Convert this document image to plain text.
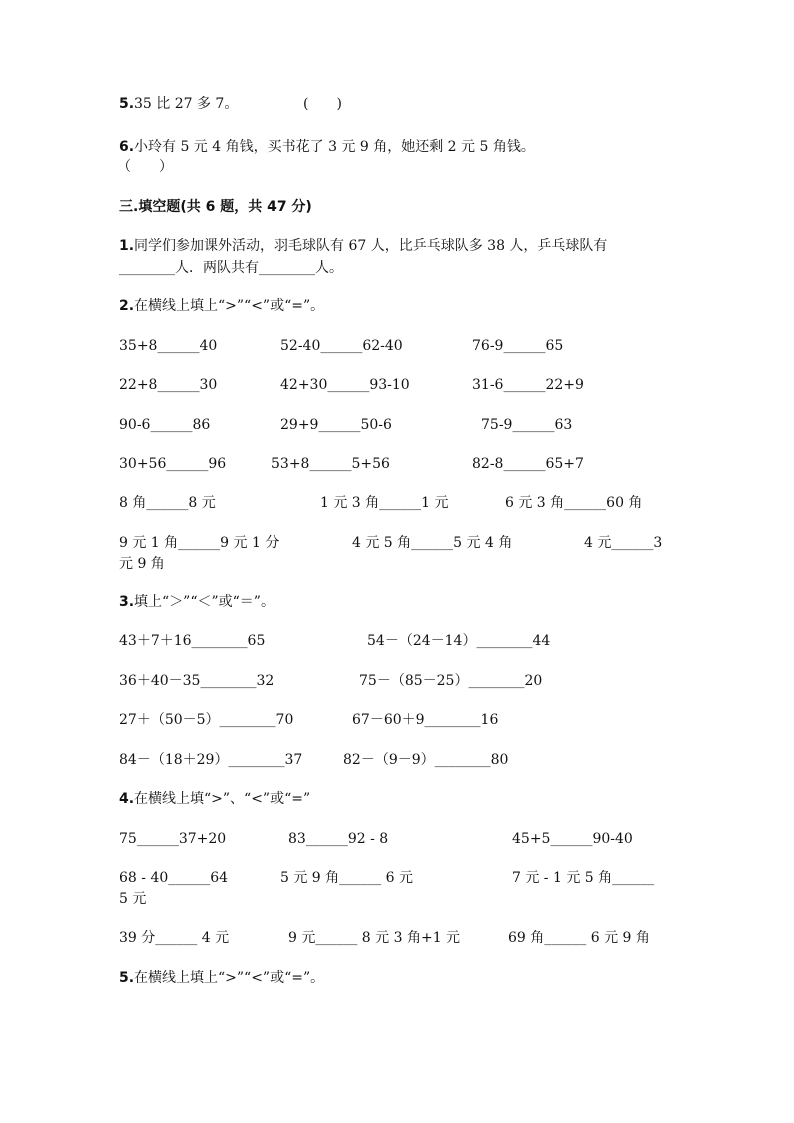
5. 35 比 27 多 7。	(　　)
6. 小玲有 5 元 4 角钱，买书花了 3 元 9 角，她还剩 2 元 5 角钱。
（　　）
三.填空题(共 6 题，共 47 分)
1. 同学们参加课外活动，羽毛球队有 67 人，比乒乓球队多 38 人，乒乓球队有
________人．两队共有________人。
2. 在横线上填上“>”“<”或“=”。
35+8______40	52-40______62-40	76-9______65
22+8______30	42+30______93-10	31-6______22+9
90-6______86	29+9______50-6	75-9______63
30+56______96	53+8______5+56	82-8______65+7
8 角______8 元	1 元 3 角______1 元	6 元 3 角______60 角
9 元 1 角______9 元 1 分	4 元 5 角______5 元 4 角	4 元______3
元 9 角
3. 填上“＞”“＜”或“＝”。
43＋7＋16________65	54－（24－14）________44
36＋40－35________32	75－（85－25）________20
27＋（50－5）________70	67－60＋9________16
84－（18＋29）________37	82－（9－9）________80
4. 在横线上填“>”、“<”或“=”
75______37+20	83______92 - 8	45+5______90-40
68 - 40______64	5 元 9 角______ 6 元	7 元 - 1 元 5 角______
5 元
39 分______ 4 元	9 元______ 8 元 3 角+1 元	69 角______ 6 元 9 角
5. 在横线上填上“>”“<”或“=”。
